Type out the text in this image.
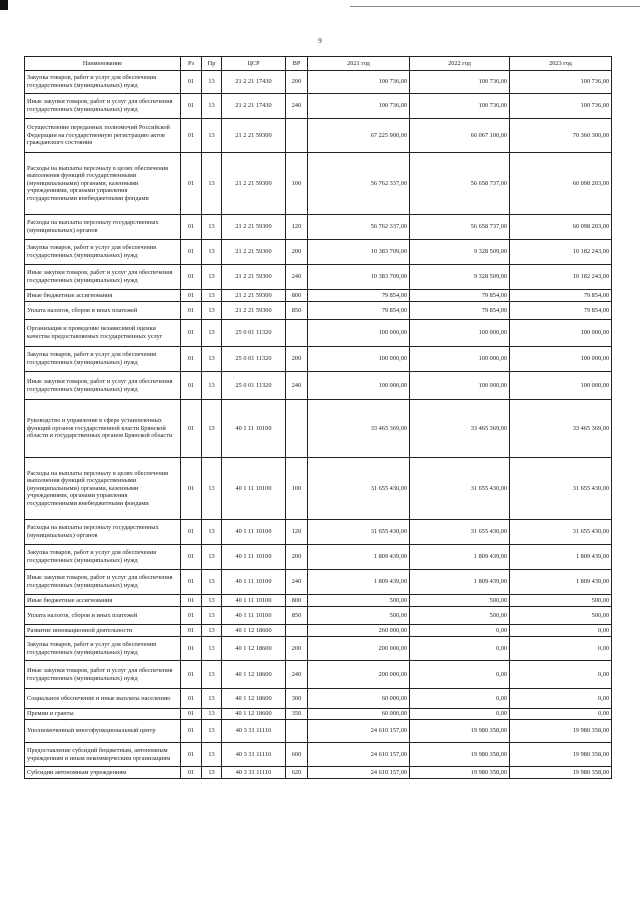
9
Наименование	Рз	Пр	ЦСР	ВР	2021 год	2022 год	2023 год
Закупка товаров, работ и услуг для обеспечения государственных (муниципальных) нужд	01	13	21 2 21 17430	200	100 736,00	100 736,00	100 736,00
Иные закупки товаров, работ и услуг для обеспечения государственных (муниципальных) нужд	01	13	21 2 21 17430	240	100 736,00	100 736,00	100 736,00
Осуществление переданных полномочий Российской Федерации на государственную регистрацию актов гражданского состояния	01	13	21 2 21 59300		67 225 900,00	66 067 100,00	70 360 300,00
Расходы на выплаты персоналу в целях обеспечения выполнения функций государственными (муниципальными) органами, казенными учреждениями, органами управления государственными внебюджетными фондами	01	13	21 2 21 59300	100	56 762 337,00	56 658 737,00	60 098 203,00
Расходы на выплаты персоналу государственных (муниципальных) органов	01	13	21 2 21 59300	120	56 762 337,00	56 658 737,00	60 098 203,00
Закупка товаров, работ и услуг для обеспечения государственных (муниципальных) нужд	01	13	21 2 21 59300	200	10 383 709,00	9 328 509,00	10 182 243,00
Иные закупки товаров, работ и услуг для обеспечения государственных (муниципальных) нужд	01	13	21 2 21 59300	240	10 383 709,00	9 328 509,00	10 182 243,00
Иные бюджетные ассигнования	01	13	21 2 21 59300	800	79 854,00	79 854,00	79 854,00
Уплата налогов, сборов и иных платежей	01	13	21 2 21 59300	850	79 854,00	79 854,00	79 854,00
Организация и проведение независимой оценки качества предоставляемых государственных услуг	01	13	25 0 01 11320		100 000,00	100 000,00	100 000,00
Закупка товаров, работ и услуг для обеспечения государственных (муниципальных) нужд	01	13	25 0 01 11320	200	100 000,00	100 000,00	100 000,00
Иные закупки товаров, работ и услуг для обеспечения государственных (муниципальных) нужд	01	13	25 0 01 11320	240	100 000,00	100 000,00	100 000,00
Руководство и управление в сфере установленных функций органов государственной власти Брянской области и государственных органов Брянской области	01	13	40 1 11 10100		33 465 369,00	33 465 369,00	33 465 369,00
Расходы на выплаты персоналу в целях обеспечения выполнения функций государственными (муниципальными) органами, казенными учреждениями, органами управления государственными внебюджетными фондами	01	13	40 1 11 10100	100	31 655 430,00	31 655 430,00	31 655 430,00
Расходы на выплаты персоналу государственных (муниципальных) органов	01	13	40 1 11 10100	120	31 655 430,00	31 655 430,00	31 655 430,00
Закупка товаров, работ и услуг для обеспечения государственных (муниципальных) нужд	01	13	40 1 11 10100	200	1 809 439,00	1 809 439,00	1 809 439,00
Иные закупки товаров, работ и услуг для обеспечения государственных (муниципальных) нужд	01	13	40 1 11 10100	240	1 809 439,00	1 809 439,00	1 809 439,00
Иные бюджетные ассигнования	01	13	40 1 11 10100	800	500,00	500,00	500,00
Уплата налогов, сборов и иных платежей	01	13	40 1 11 10100	850	500,00	500,00	500,00
Развитие инновационной деятельности	01	13	40 1 12 18600		260 000,00	0,00	0,00
Закупка товаров, работ и услуг для обеспечения государственных (муниципальных) нужд	01	13	40 1 12 18600	200	200 000,00	0,00	0,00
Иные закупки товаров, работ и услуг для обеспечения государственных (муниципальных) нужд	01	13	40 1 12 18600	240	200 000,00	0,00	0,00
Социальное обеспечение и иные выплаты населению	01	13	40 1 12 18600	300	60 000,00	0,00	0,00
Премии и гранты	01	13	40 1 12 18600	350	60 000,00	0,00	0,00
Уполномоченный многофункциональный центр	01	13	40 3 31 11110		24 610 157,00	19 980 358,00	19 980 358,00
Предоставление субсидий бюджетным, автономным учреждениям и иным некоммерческим организациям	01	13	40 3 31 11110	600	24 610 157,00	19 980 358,00	19 980 358,00
Субсидии автономным учреждениям	01	13	40 3 31 11110	620	24 610 157,00	19 980 358,00	19 980 358,00
